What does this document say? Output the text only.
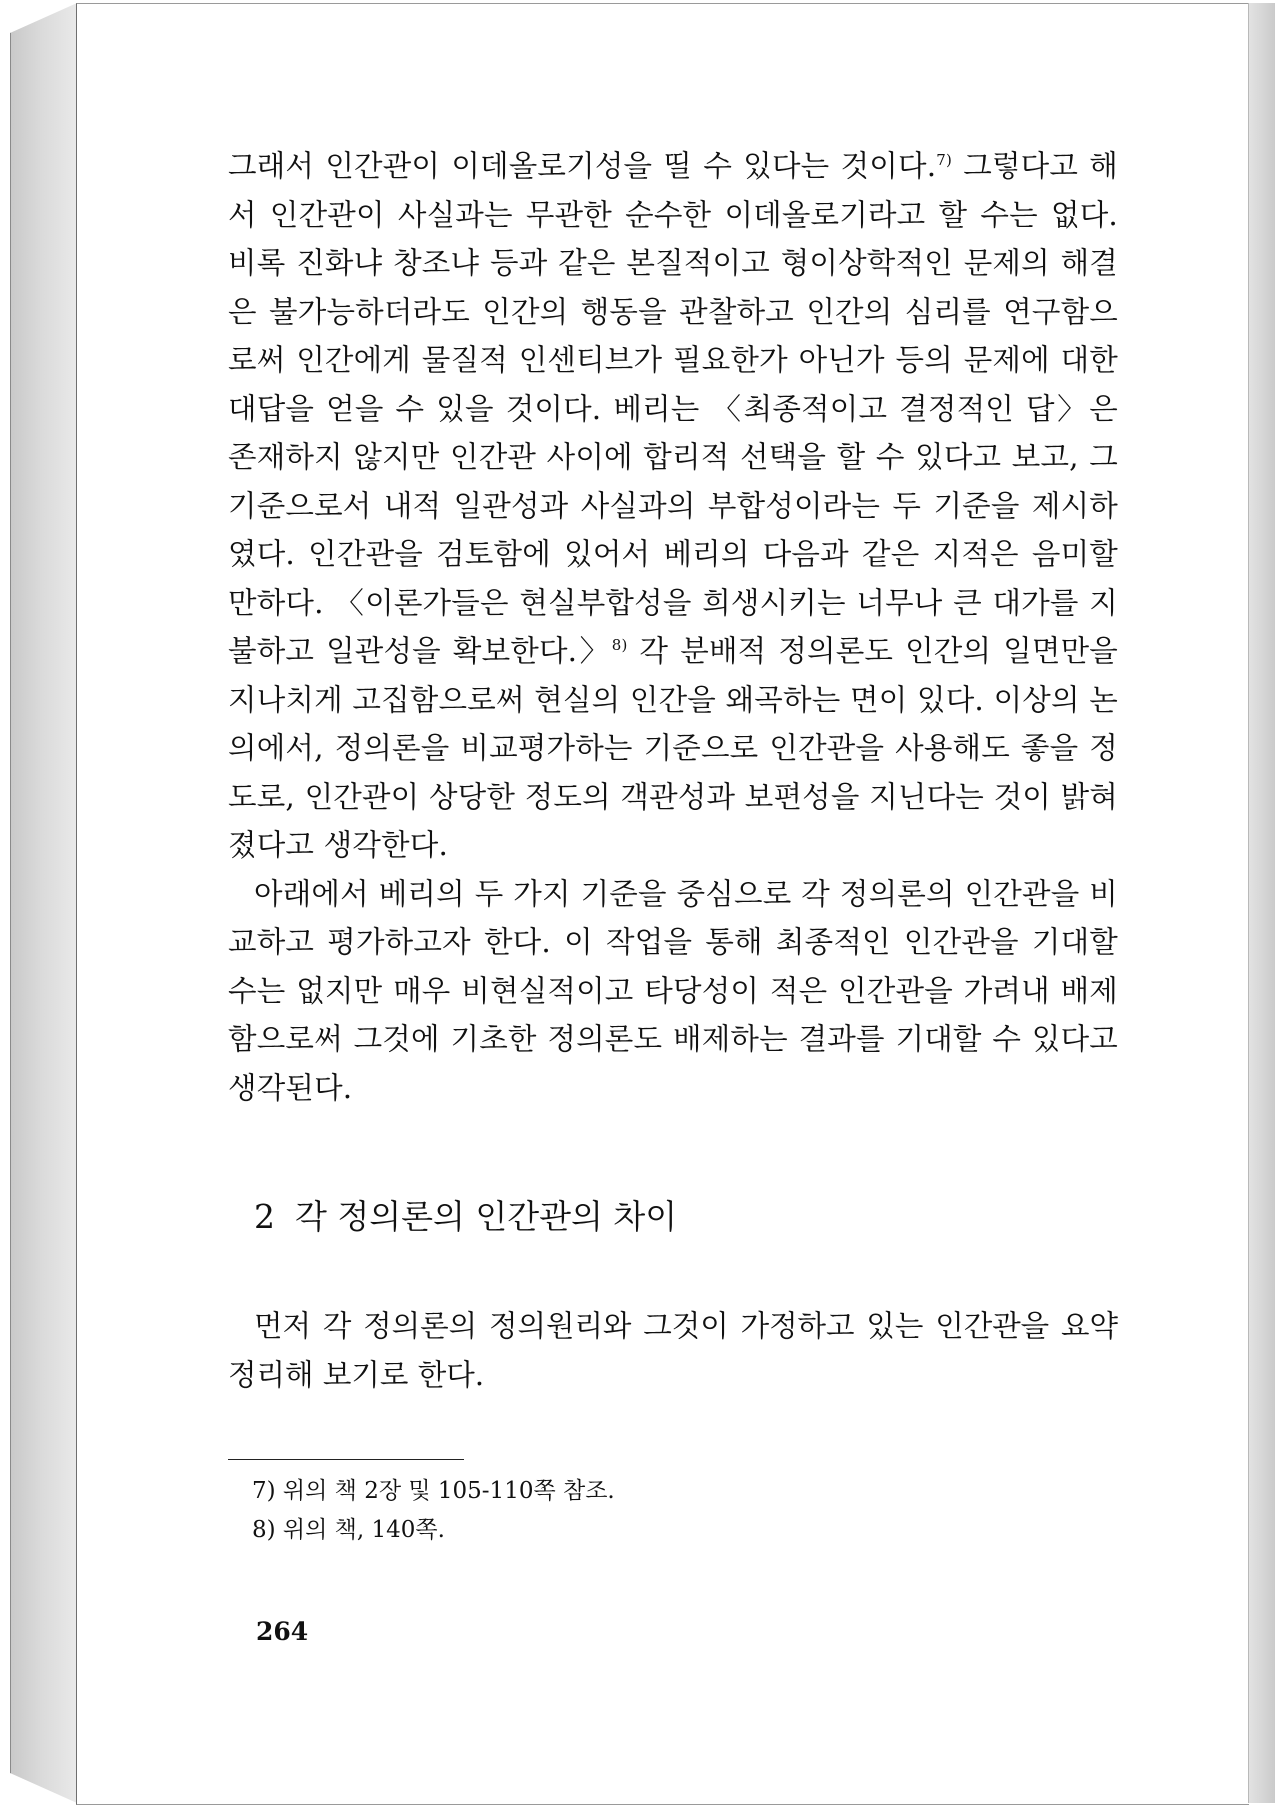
그래서 인간관이 이데올로기성을 띨 수 있다는 것이다.$^{7)}$ 그렇다고 해서 인간관이 사실과는 무관한 순수한 이데올로기라고 할 수는 없다. 비록 진화냐 창조냐 등과 같은 본질적이고 형이상학적인 문제의 해결은 불가능하더라도 인간의 행동을 관찰하고 인간의 심리를 연구함으로써 인간에게 물질적 인센티브가 필요한가 아닌가 등의 문제에 대한 대답을 얻을 수 있을 것이다. 베리는 〈최종적이고 결정적인 답〉은 존재하지 않지만 인간관 사이에 합리적 선택을 할 수 있다고 보고, 그 기준으로서 내적 일관성과 사실과의 부합성이라는 두 기준을 제시하였다. 인간관을 검토함에 있어서 베리의 다음과 같은 지적은 음미할 만하다. 〈이론가들은 현실부합성을 희생시키는 너무나 큰 대가를 지불하고 일관성을 확보한다.〉$^{8)}$ 각 분배적 정의론도 인간의 일면만을 지나치게 고집함으로써 현실의 인간을 왜곡하는 면이 있다. 이상의 논의에서, 정의론을 비교평가하는 기준으로 인간관을 사용해도 좋을 정도로, 인간관이 상당한 정도의 객관성과 보편성을 지닌다는 것이 밝혀졌다고 생각한다.

아래에서 베리의 두 가지 기준을 중심으로 각 정의론의 인간관을 비교하고 평가하고자 한다. 이 작업을 통해 최종적인 인간관을 기대할 수는 없지만 매우 비현실적이고 타당성이 적은 인간관을 가려내 배제함으로써 그것에 기초한 정의론도 배제하는 결과를 기대할 수 있다고 생각된다.

2 각 정의론의 인간관의 차이

먼저 각 정의론의 정의원리와 그것이 가정하고 있는 인간관을 요약 정리해 보기로 한다.

7) 위의 책 2장 및 105-110쪽 참조.

8) 위의 책, 140쪽.

264
